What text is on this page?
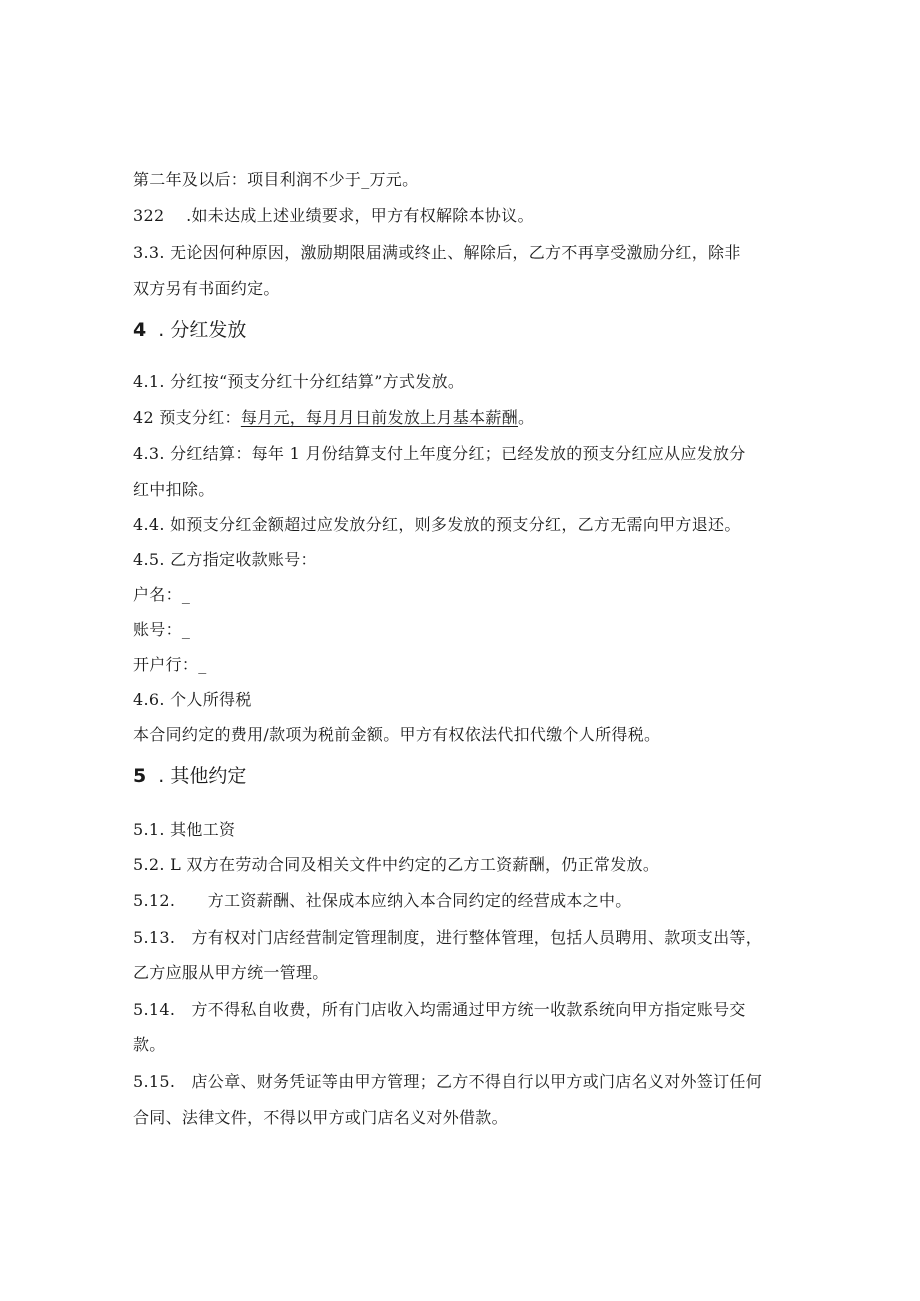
第二年及以后：项目利润不少于_万元。
322　 .如未达成上述业绩要求，甲方有权解除本协议。
3.3. 无论因何种原因，激励期限届满或终止、解除后，乙方不再享受激励分红，除非
双方另有书面约定。
4 . 分红发放
4.1. 分红按“预支分红十分红结算”方式发放。
42 预支分红：每月元，每月月日前发放上月基本薪酬。
4.3. 分红结算：每年 1 月份结算支付上年度分红；已经发放的预支分红应从应发放分
红中扣除。
4.4. 如预支分红金额超过应发放分红，则多发放的预支分红，乙方无需向甲方退还。
4.5. 乙方指定收款账号：
户名：_
账号：_
开户行：_
4.6. 个人所得税
本合同约定的费用/款项为税前金额。甲方有权依法代扣代缴个人所得税。
5 . 其他约定
5.1. 其他工资
5.2. L 双方在劳动合同及相关文件中约定的乙方工资薪酬，仍正常发放。
5.12.　　方工资薪酬、社保成本应纳入本合同约定的经营成本之中。
5.13.　方有权对门店经营制定管理制度，进行整体管理，包括人员聘用、款项支出等，
乙方应服从甲方统一管理。
5.14.　方不得私自收费，所有门店收入均需通过甲方统一收款系统向甲方指定账号交
款。
5.15.　店公章、财务凭证等由甲方管理；乙方不得自行以甲方或门店名义对外签订任何
合同、法律文件，不得以甲方或门店名义对外借款。
